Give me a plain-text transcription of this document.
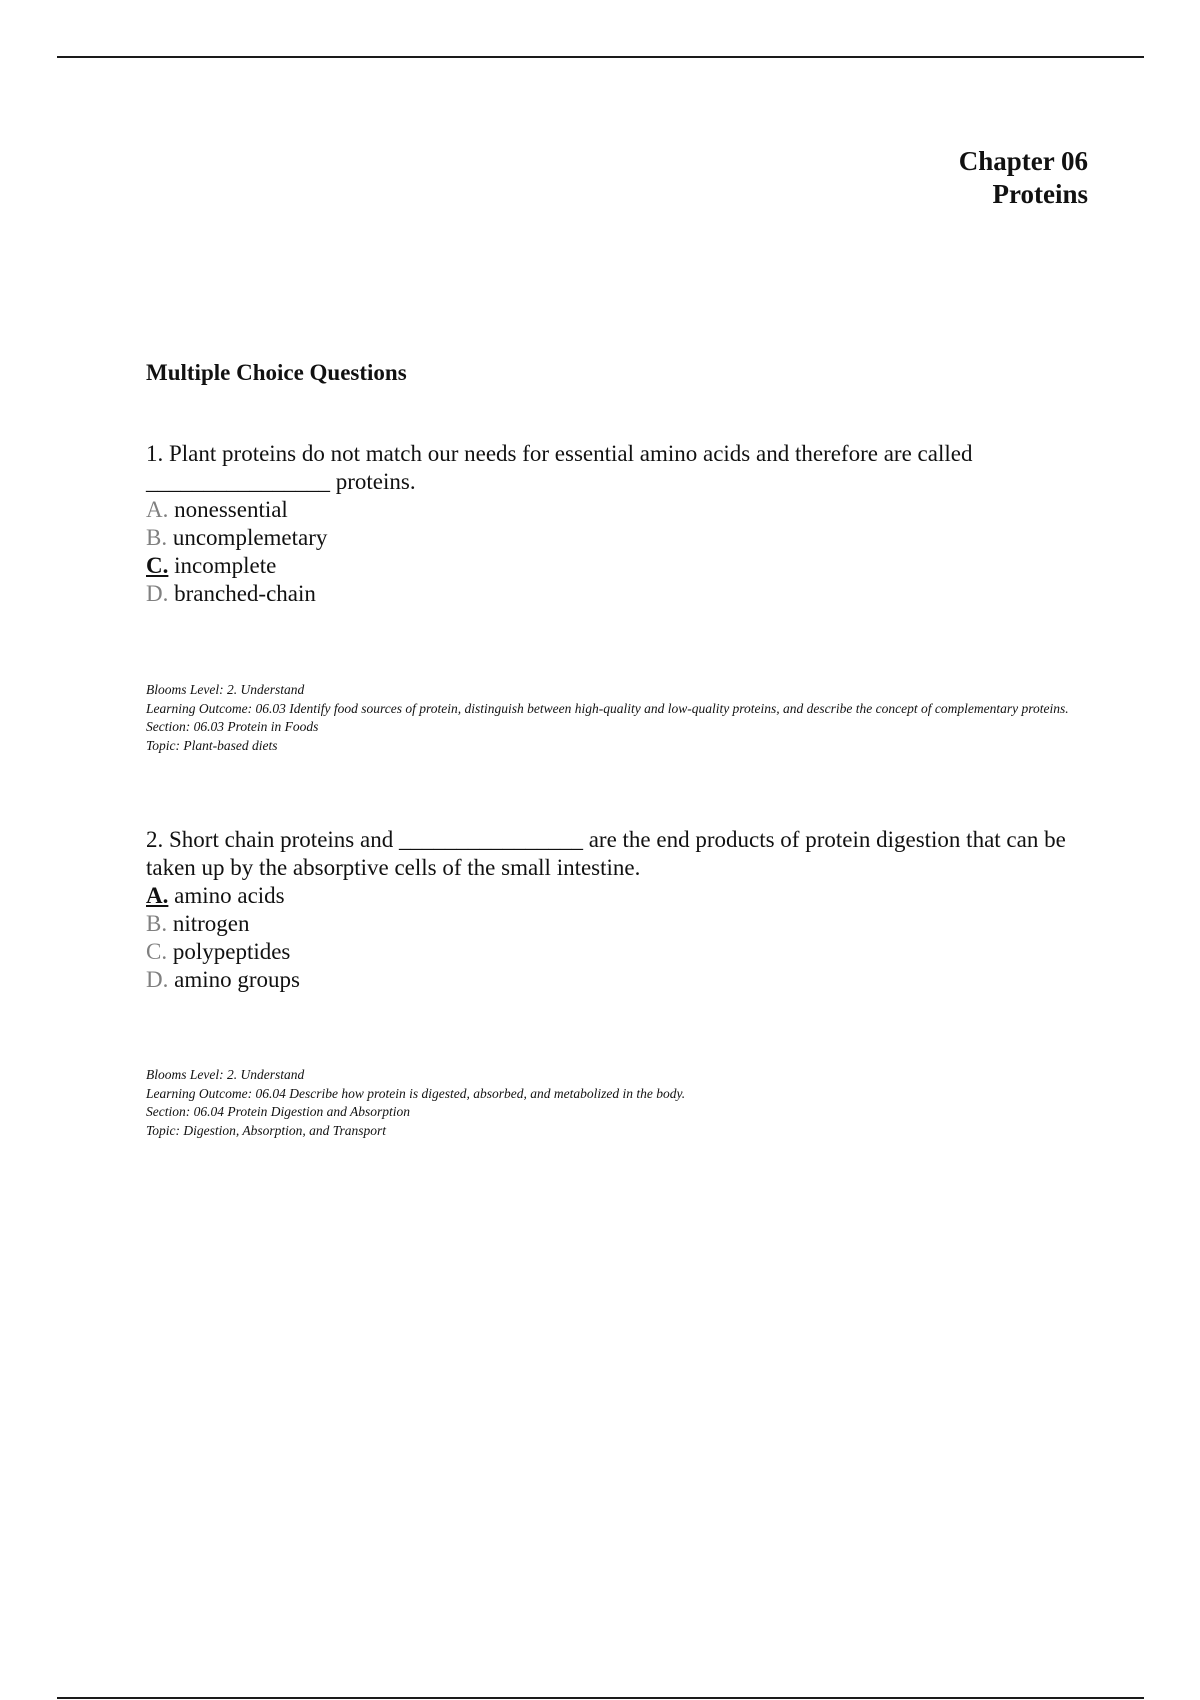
Chapter 06
Proteins
Multiple Choice Questions
1. Plant proteins do not match our needs for essential amino acids and therefore are called ________________ proteins.
A. nonessential
B. uncomplemetary
C. incomplete
D. branched-chain
Blooms Level: 2. Understand
Learning Outcome: 06.03 Identify food sources of protein, distinguish between high-quality and low-quality proteins, and describe the concept of complementary proteins.
Section: 06.03 Protein in Foods
Topic: Plant-based diets
2. Short chain proteins and ________________ are the end products of protein digestion that can be taken up by the absorptive cells of the small intestine.
A. amino acids
B. nitrogen
C. polypeptides
D. amino groups
Blooms Level: 2. Understand
Learning Outcome: 06.04 Describe how protein is digested, absorbed, and metabolized in the body.
Section: 06.04 Protein Digestion and Absorption
Topic: Digestion, Absorption, and Transport
